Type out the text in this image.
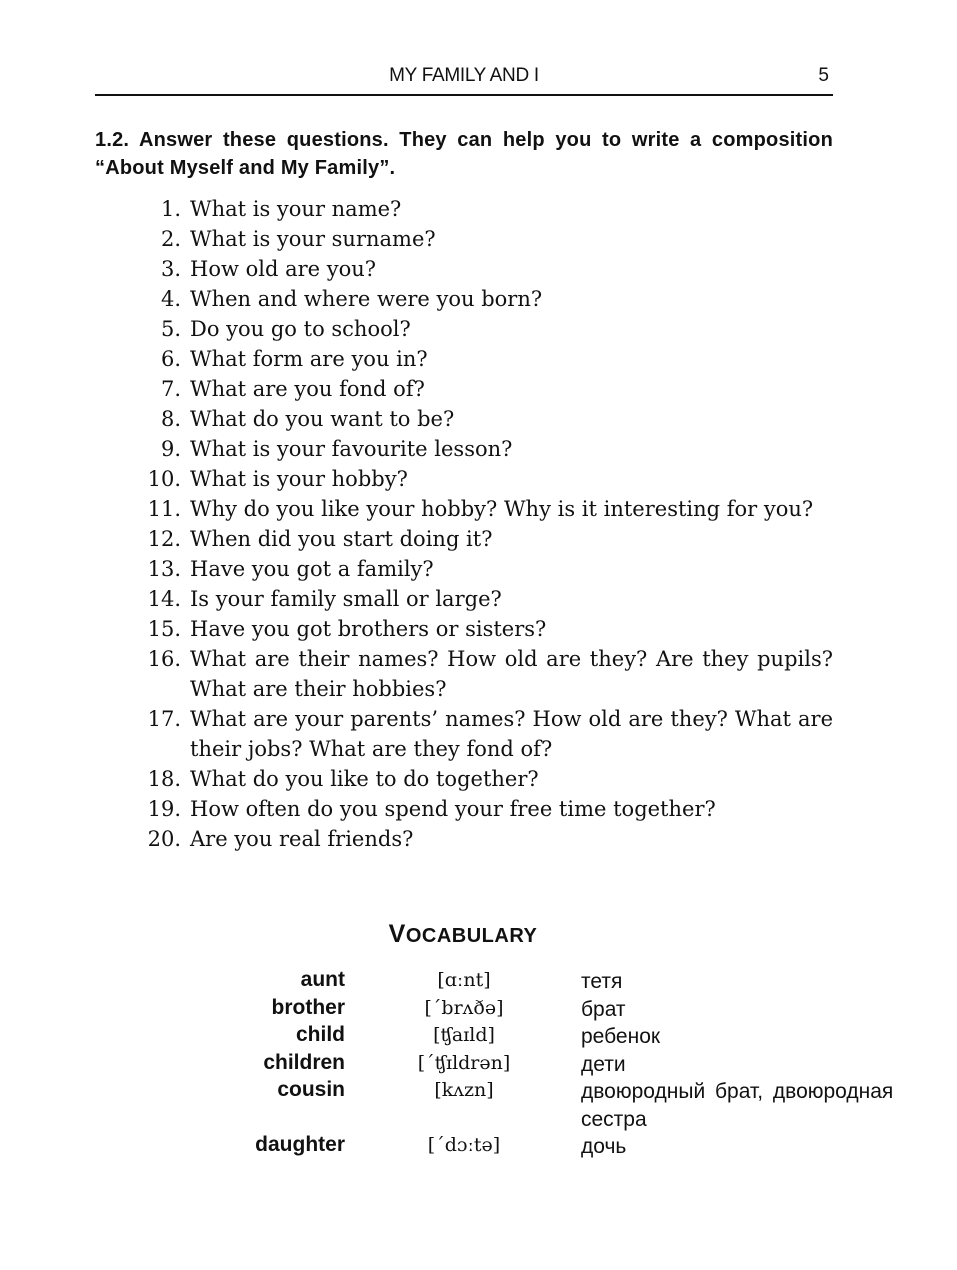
MY FAMILY AND I	5
1.2. Answer these questions. They can help you to write a composition “About Myself and My Family”.
1. What is your name?
2. What is your surname?
3. How old are you?
4. When and where were you born?
5. Do you go to school?
6. What form are you in?
7. What are you fond of?
8. What do you want to be?
9. What is your favourite lesson?
10. What is your hobby?
11. Why do you like your hobby? Why is it interesting for you?
12. When did you start doing it?
13. Have you got a family?
14. Is your family small or large?
15. Have you got brothers or sisters?
16. What are their names? How old are they? Are they pupils? What are their hobbies?
17. What are your parents’ names? How old are they? What are their jobs? What are they fond of?
18. What do you like to do together?
19. How often do you spend your free time together?
20. Are you real friends?
VOCABULARY
aunt	[ɑːnt]	тетя
brother	[´brʌðə]	брат
child	[ʧaɪld]	ребенок
children	[´ʧɪldrən]	дети
cousin	[kʌzn]	двоюродный брат, двоюродная сестра
daughter	[´dɔːtə]	дочь
